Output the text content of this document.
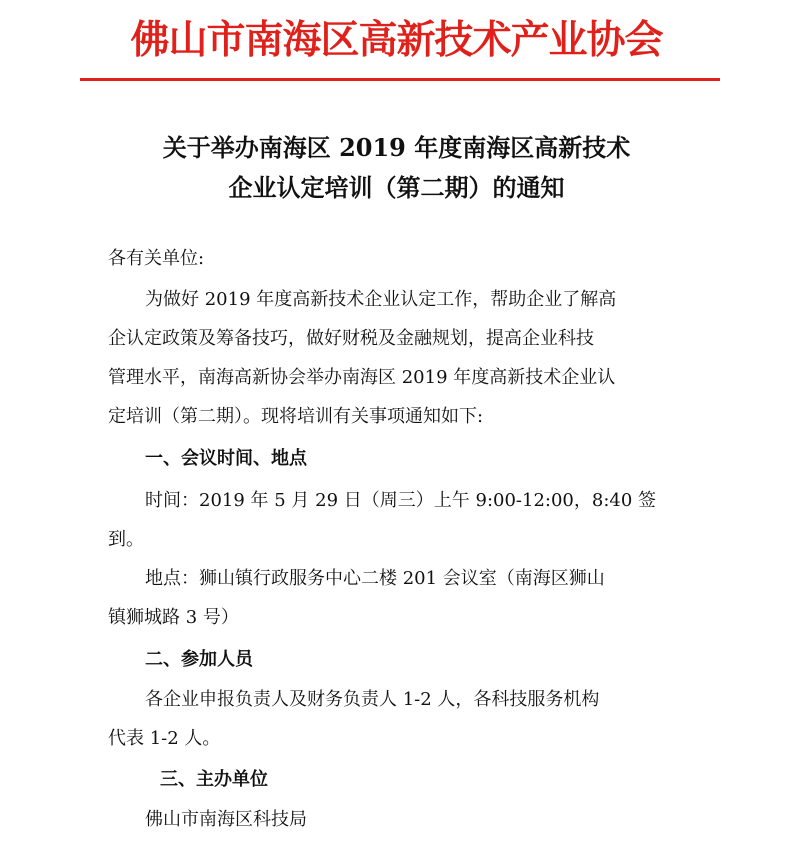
佛山市南海区高新技术产业协会
关于举办南海区 2019 年度南海区高新技术
企业认定培训（第二期）的通知
各有关单位:
为做好 2019 年度高新技术企业认定工作，帮助企业了解高
企认定政策及筹备技巧，做好财税及金融规划，提高企业科技
管理水平，南海高新协会举办南海区 2019 年度高新技术企业认
定培训（第二期）。现将培训有关事项通知如下:
一、会议时间、地点
时间：2019 年 5 月 29 日（周三）上午 9:00-12:00，8:40 签
到。
地点：狮山镇行政服务中心二楼 201 会议室（南海区狮山
镇狮城路 3 号）
二、参加人员
各企业申报负责人及财务负责人 1-2 人，各科技服务机构
代表 1-2 人。
三、主办单位
佛山市南海区科技局
